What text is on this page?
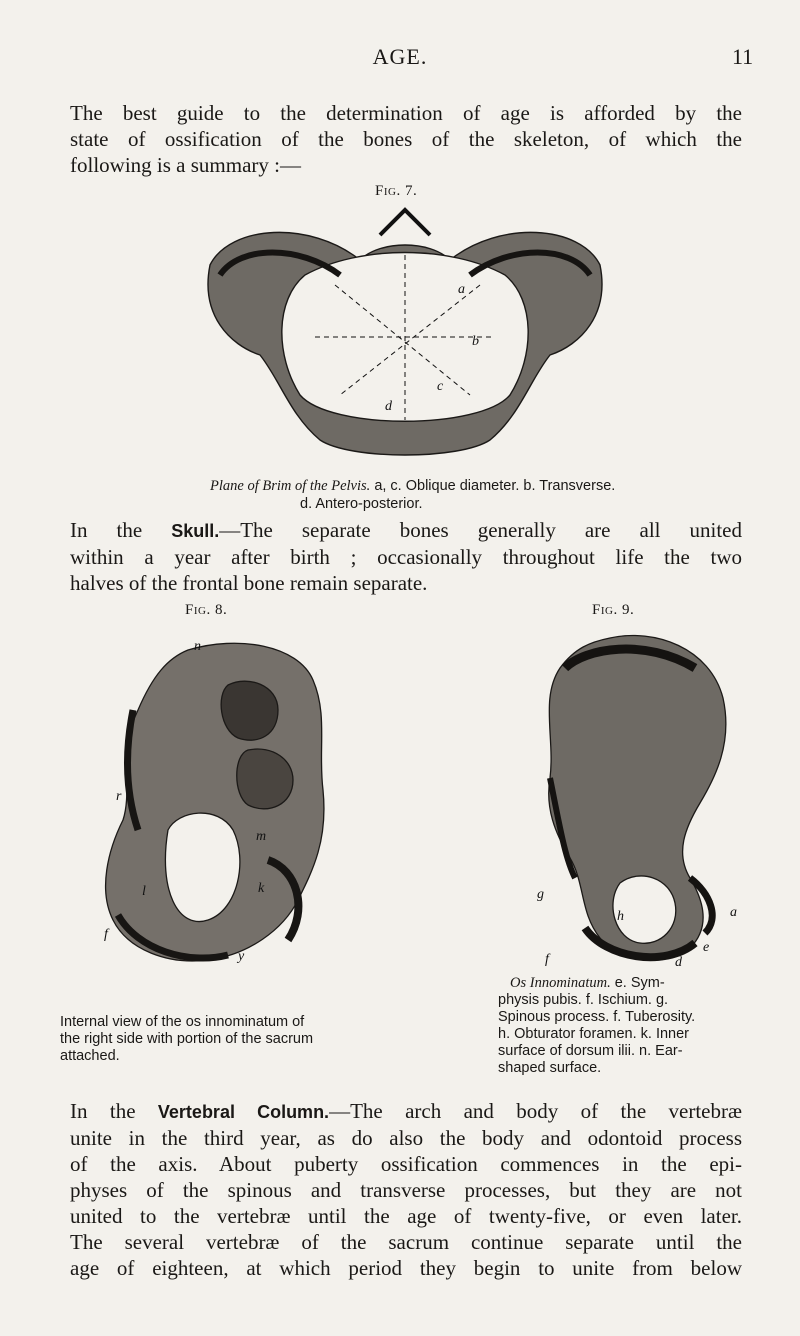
AGE.	11

The best guide to the determination of age is afforded by the

state of ossification of the bones of the skeleton, of which the

following is a summary :—

Fig. 7.
a
b
c
d
Plane of Brim of the Pelvis. a, c. Oblique diameter. b. Transverse.
d. Antero-posterior.

In the Skull.—The separate bones generally are all united

within a year after birth ; occasionally throughout life the two

halves of the frontal bone remain separate.

Fig. 8.
n
r
m
k
l
f
y
Internal view of the os innominatum of
the right side with portion of the sacrum
attached.
Fig. 9.
g
h	a
e
d
f
Os Innominatum. e. Sym-
physis pubis. f. Ischium. g.
Spinous process. f. Tuberosity.
h. Obturator foramen. k. Inner
surface of dorsum ilii. n. Ear-
shaped surface.

In the Vertebral Column.—The arch and body of the vertebræ

unite in the third year, as do also the body and odontoid process

of the axis. About puberty ossification commences in the epi-

physes of the spinous and transverse processes, but they are not

united to the vertebræ until the age of twenty-five, or even later.

The several vertebræ of the sacrum continue separate until the

age of eighteen, at which period they begin to unite from below
